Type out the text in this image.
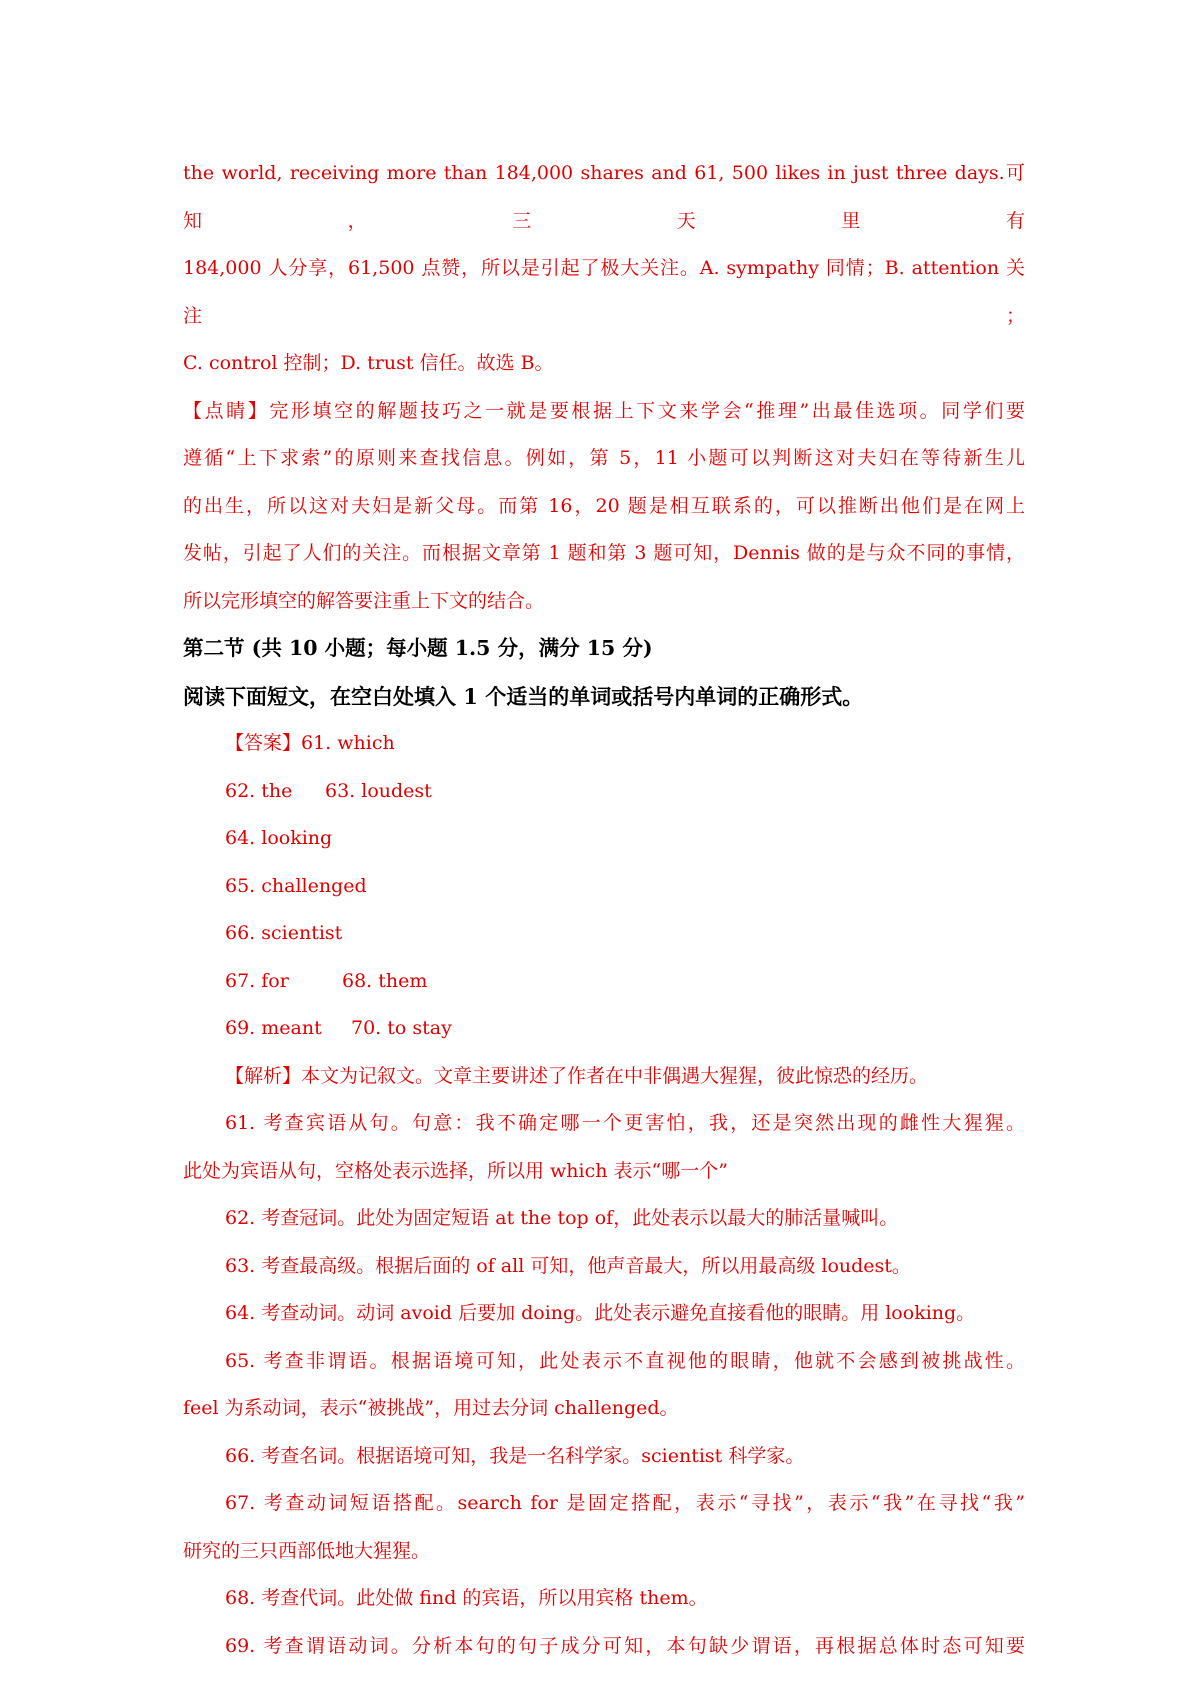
the world, receiving more than 184,000 shares and 61, 500 likes in just three days.可知，三天里有

184,000 人分享，61,500 点赞，所以是引起了极大关注。A. sympathy 同情；B. attention 关注；

C. control 控制；D. trust 信任。故选 B。

【点睛】完形填空的解题技巧之一就是要根据上下文来学会“推理”出最佳选项。同学们要

遵循“上下求索”的原则来查找信息。例如，第 5，11 小题可以判断这对夫妇在等待新生儿

的出生，所以这对夫妇是新父母。而第 16，20 题是相互联系的，可以推断出他们是在网上

发帖，引起了人们的关注。而根据文章第 1 题和第 3 题可知，Dennis 做的是与众不同的事情，

所以完形填空的解答要注重上下文的结合。

第二节 (共 10 小题；每小题 1.5 分，满分 15 分)

阅读下面短文，在空白处填入 1 个适当的单词或括号内单词的正确形式。

【答案】61. which

62. the 63. loudest

64. looking

65. challenged

66. scientist

67. for	68. them

69. meant 70. to stay

【解析】本文为记叙文。文章主要讲述了作者在中非偶遇大猩猩，彼此惊恐的经历。

61. 考查宾语从句。句意：我不确定哪一个更害怕，我，还是突然出现的雌性大猩猩。

此处为宾语从句，空格处表示选择，所以用 which 表示“哪一个”

62. 考查冠词。此处为固定短语 at the top of，此处表示以最大的肺活量喊叫。

63. 考查最高级。根据后面的 of all 可知，他声音最大，所以用最高级 loudest。

64. 考查动词。动词 avoid 后要加 doing。此处表示避免直接看他的眼睛。用 looking。

65. 考查非谓语。根据语境可知，此处表示不直视他的眼睛，他就不会感到被挑战性。

feel 为系动词，表示“被挑战”，用过去分词 challenged。

66. 考查名词。根据语境可知，我是一名科学家。scientist 科学家。

67. 考查动词短语搭配。search for 是固定搭配，表示“寻找”，表示“我”在寻找“我”

研究的三只西部低地大猩猩。

68. 考查代词。此处做 find 的宾语，所以用宾格 them。

69. 考查谓语动词。分析本句的句子成分可知，本句缺少谓语，再根据总体时态可知要
